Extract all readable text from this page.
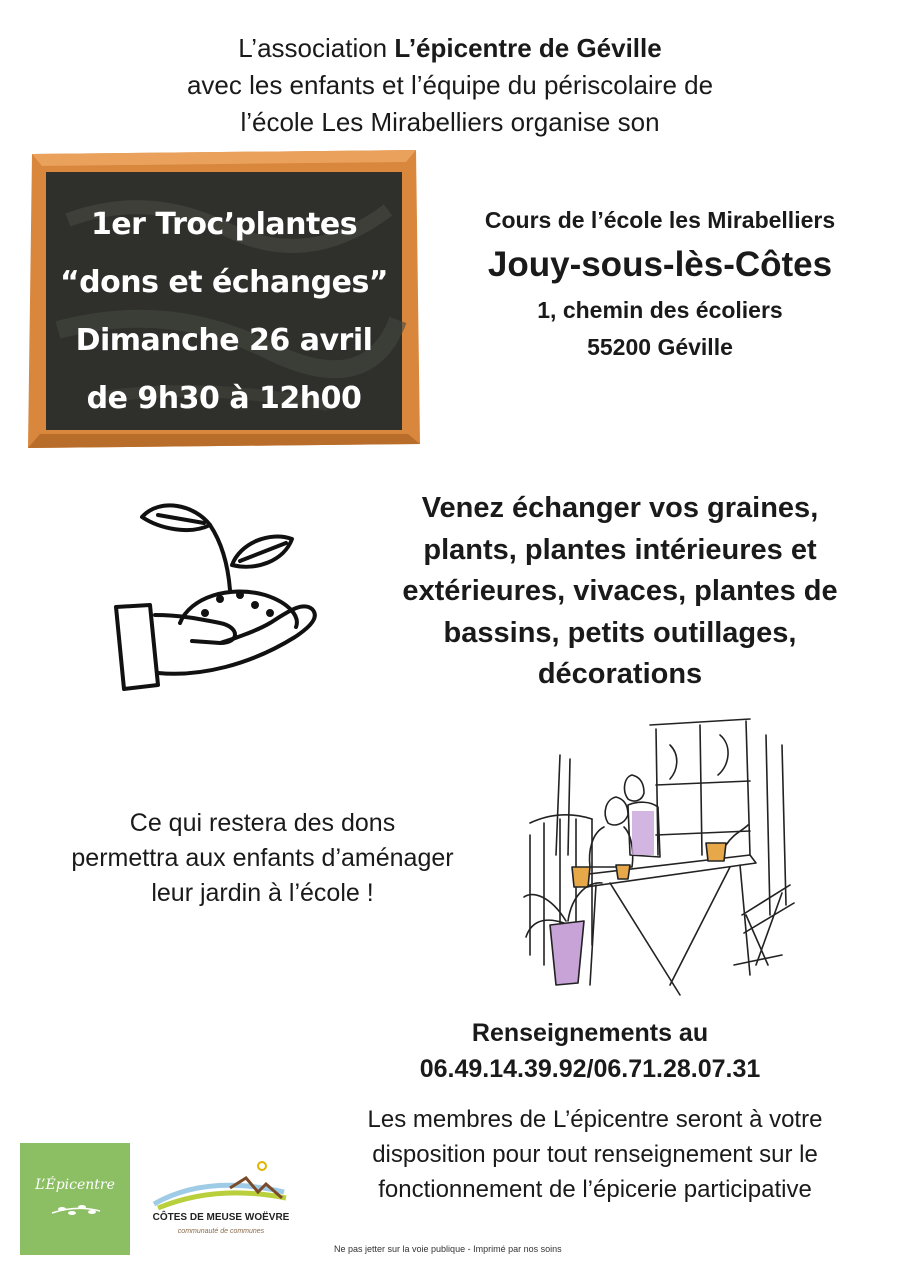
L’association L’épicentre de Géville
avec les enfants et l’équipe du périscolaire de
l’école Les Mirabelliers organise son
1er Troc’plantes
“dons et échanges”
Dimanche 26 avril
de 9h30 à 12h00
Cours de l’école les Mirabelliers
Jouy-sous-lès-Côtes
1, chemin des écoliers
55200 Géville
Venez échanger vos graines,
plants, plantes intérieures et
extérieures, vivaces, plantes de
bassins, petits outillages,
décorations
Ce qui restera des dons
permettra aux enfants d’aménager
leur jardin à l’école !
Renseignements au
06.49.14.39.92/06.71.28.07.31
Les membres de L’épicentre seront à votre
disposition pour tout renseignement sur le
fonctionnement de l’épicerie participative
L’Épicentre
CÔTES DE MEUSE WOËVRE
communauté de communes
Ne pas jetter sur la voie publique - Imprimé par nos soins
